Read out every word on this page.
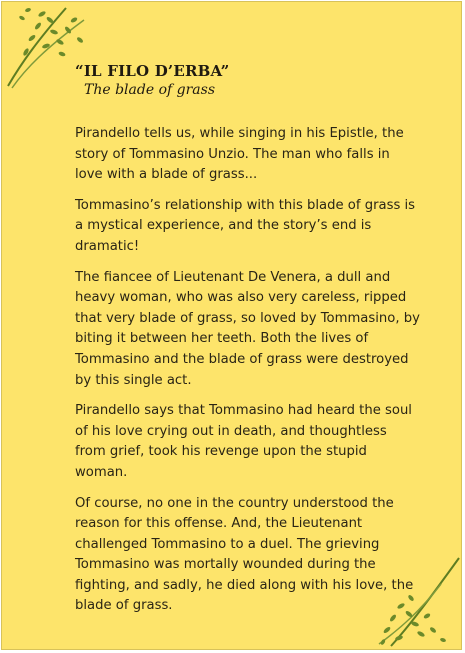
“IL FILO D’ERBA”
The blade of grass

Pirandello tells us, while singing in his Epistle, the story of Tommasino Unzio. The man who falls in love with a blade of grass...

Tommasino’s relationship with this blade of grass is a mystical experience, and the story’s end is dramatic!

The fiancee of Lieutenant De Venera, a dull and heavy woman, who was also very careless, ripped that very blade of grass, so loved by Tommasino, by biting it between her teeth. Both the lives of Tommasino and the blade of grass were destroyed by this single act.

Pirandello says that Tommasino had heard the soul of his love crying out in death, and thoughtless from grief, took his revenge upon the stupid woman.

Of course, no one in the country understood the reason for this offense. And, the Lieutenant challenged Tommasino to a duel. The grieving Tommasino was mortally wounded during the fighting, and sadly, he died along with his love, the blade of grass.
